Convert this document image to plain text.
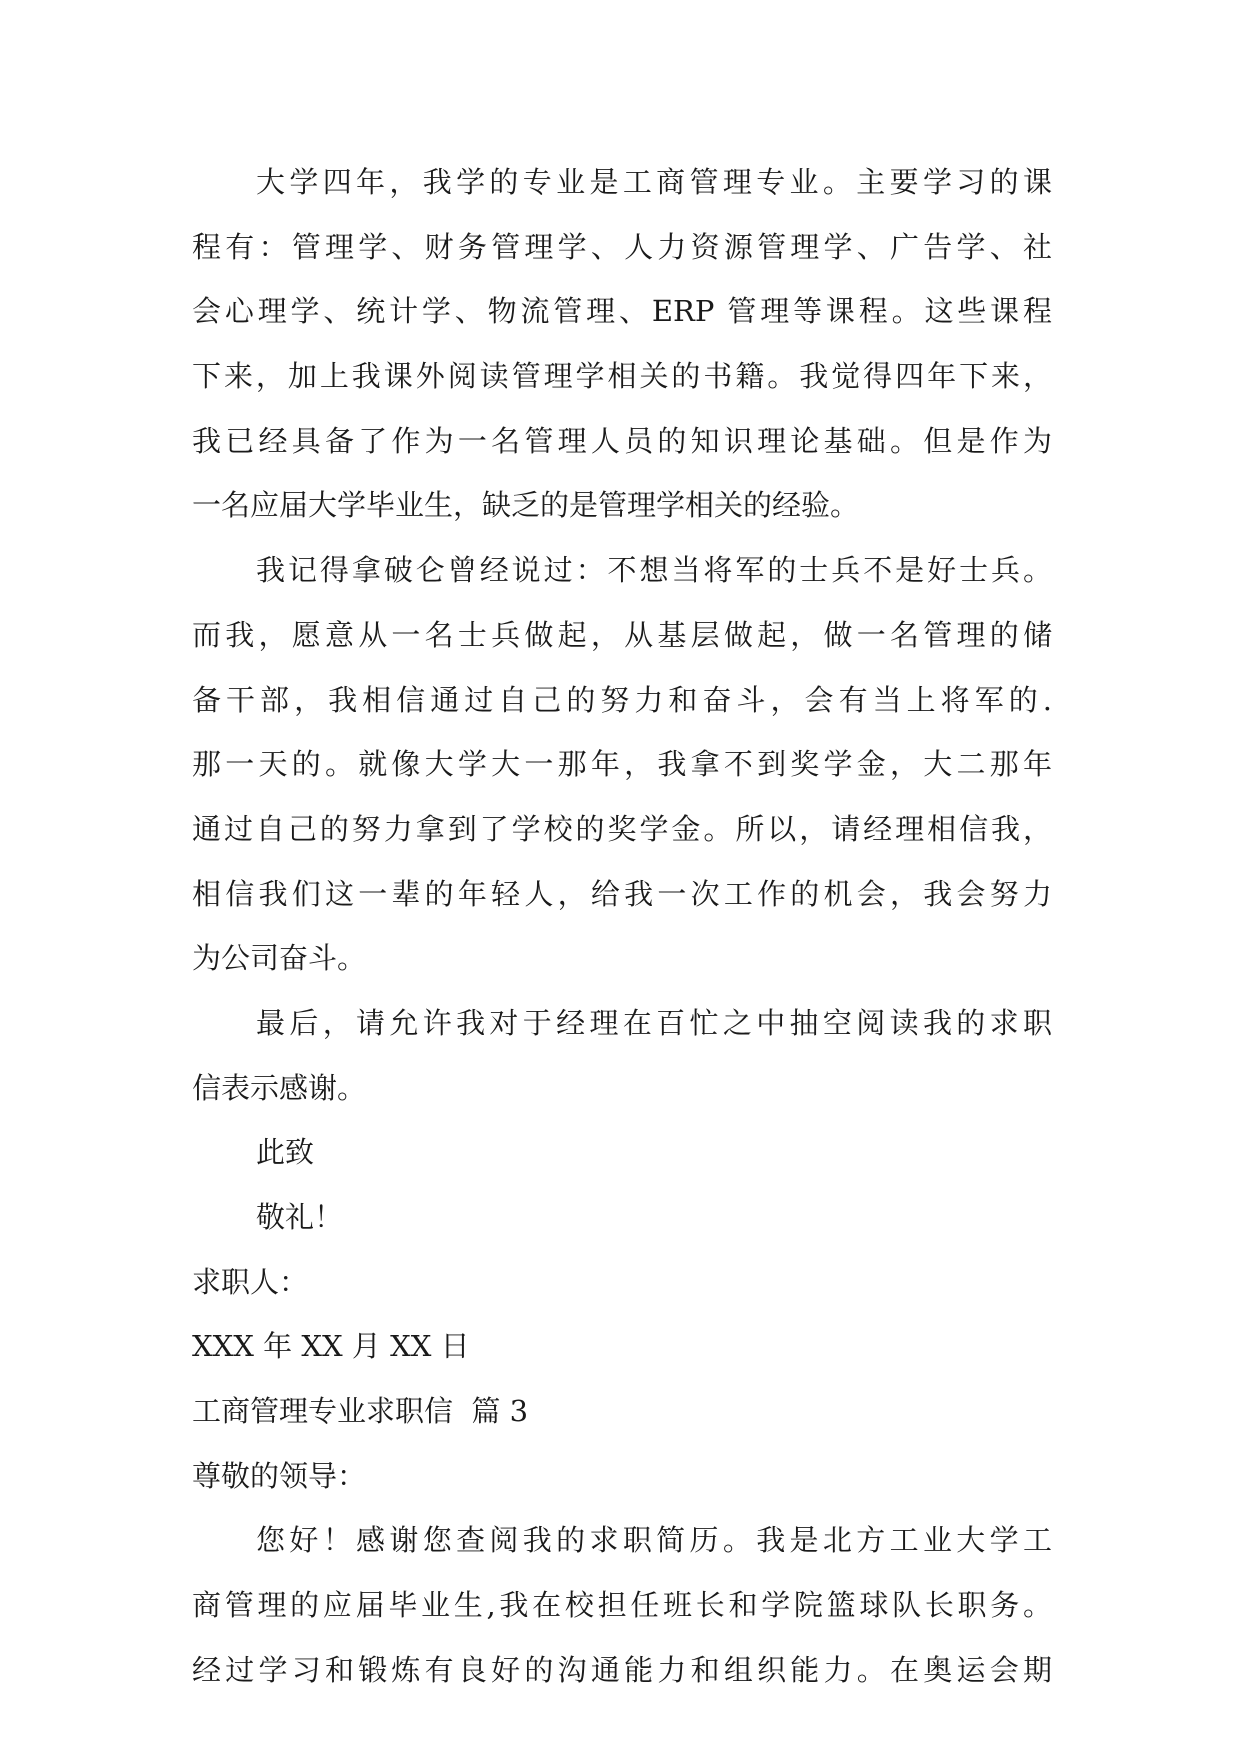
大学四年，我学的专业是工商管理专业。主要学习的课
程有：管理学、财务管理学、人力资源管理学、广告学、社
会心理学、统计学、物流管理、ERP 管理等课程。这些课程
下来，加上我课外阅读管理学相关的书籍。我觉得四年下来，
我已经具备了作为一名管理人员的知识理论基础。但是作为
一名应届大学毕业生，缺乏的是管理学相关的经验。
我记得拿破仑曾经说过：不想当将军的士兵不是好士兵。
而我，愿意从一名士兵做起，从基层做起，做一名管理的储
备干部，我相信通过自己的努力和奋斗，会有当上将军的.
那一天的。就像大学大一那年，我拿不到奖学金，大二那年
通过自己的努力拿到了学校的奖学金。所以，请经理相信我，
相信我们这一辈的年轻人，给我一次工作的机会，我会努力
为公司奋斗。
最后，请允许我对于经理在百忙之中抽空阅读我的求职
信表示感谢。
此致
敬礼！
求职人：
XXX 年 XX 月 XX 日
工商管理专业求职信  篇 3
尊敬的领导：
您好！感谢您查阅我的求职简历。我是北方工业大学工
商管理的应届毕业生,我在校担任班长和学院篮球队长职务。
经过学习和锻炼有良好的沟通能力和组织能力。在奥运会期
